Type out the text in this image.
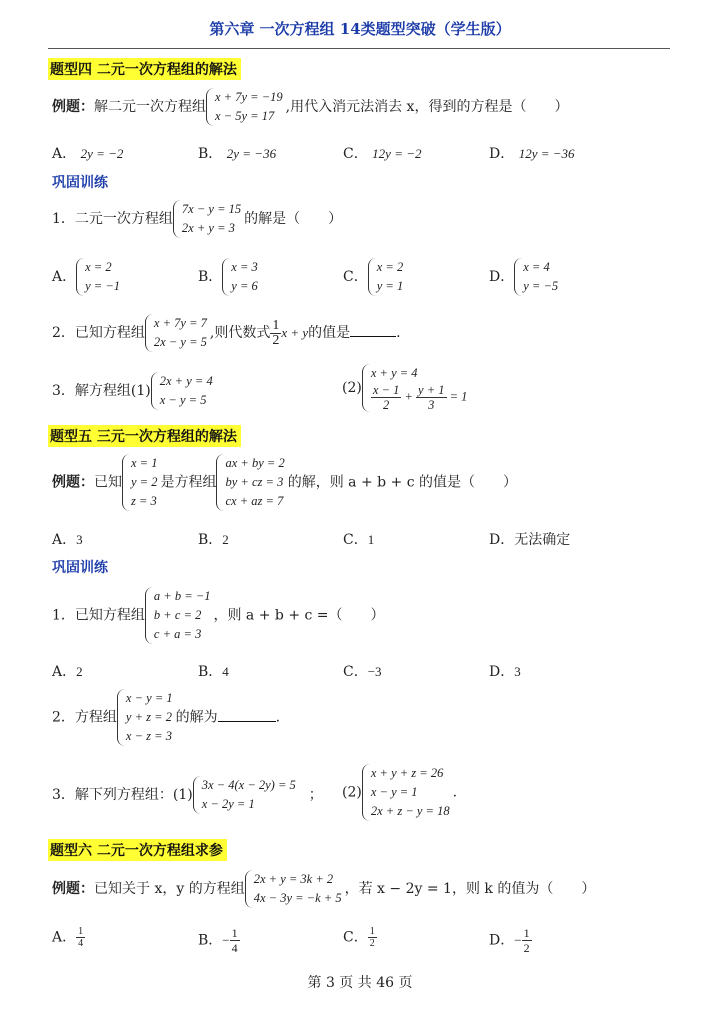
第六章 一次方程组 14类题型突破（学生版）
题型四 二元一次方程组的解法
例题：解二元一次方程组
x + 7y = −19
x − 5y = 17
,用代入消元法消去 x，得到的方程是（　　）
A． 2y = −2	B． 2y = −36	C． 12y = −2	D． 12y = −36
巩固训练
1．二元一次方程组
7x − y = 15
2x + y = 3
的解是（　　）
A．
x = 2
y = −1
B．
x = 3
y = 6
C．
x = 2
y = 1
D．
x = 4
y = −5
2．已知方程组
x + 7y = 7
2x − y = 5
,则代数式 $\frac{1}{2}$ x + y的值是	.
3．解方程组(1)
2x + y = 4
x − y = 5
(2)
x + y = 4
$\frac{x - 1}{2} + \frac{y + 1}{3} = 1$
题型五 三元一次方程组的解法
例题：已知
x = 1
y = 2
z = 3
是方程组
ax + by = 2
by + cz = 3
cx + az = 7
的解，则 a + b + c 的值是（　　）
A．3	B．2	C．1	D．无法确定
巩固训练
1．已知方程组
a + b = −1
b + c = 2
c + a = 3
，则 a + b + c =（　　）
A．2	B．4	C．−3	D．3
2．方程组
x − y = 1
y + z = 2
x − z = 3
的解为	.
3．解下列方程组：(1)
3x − 4(x − 2y) = 5
x − 2y = 1
； (2)
x + y + z = 26
x − y = 1
2x + z − y = 18
.
题型六 二元一次方程组求参
例题：已知关于 x，y 的方程组
2x + y = 3k + 2
4x − 3y = −k + 5
，若 x − 2y = 1，则 k 的值为（　　）
A． $\frac{1}{4}$	B．− $\frac{1}{4}$	C． $\frac{1}{2}$	D．− $\frac{1}{2}$
第 3 页 共 46 页
